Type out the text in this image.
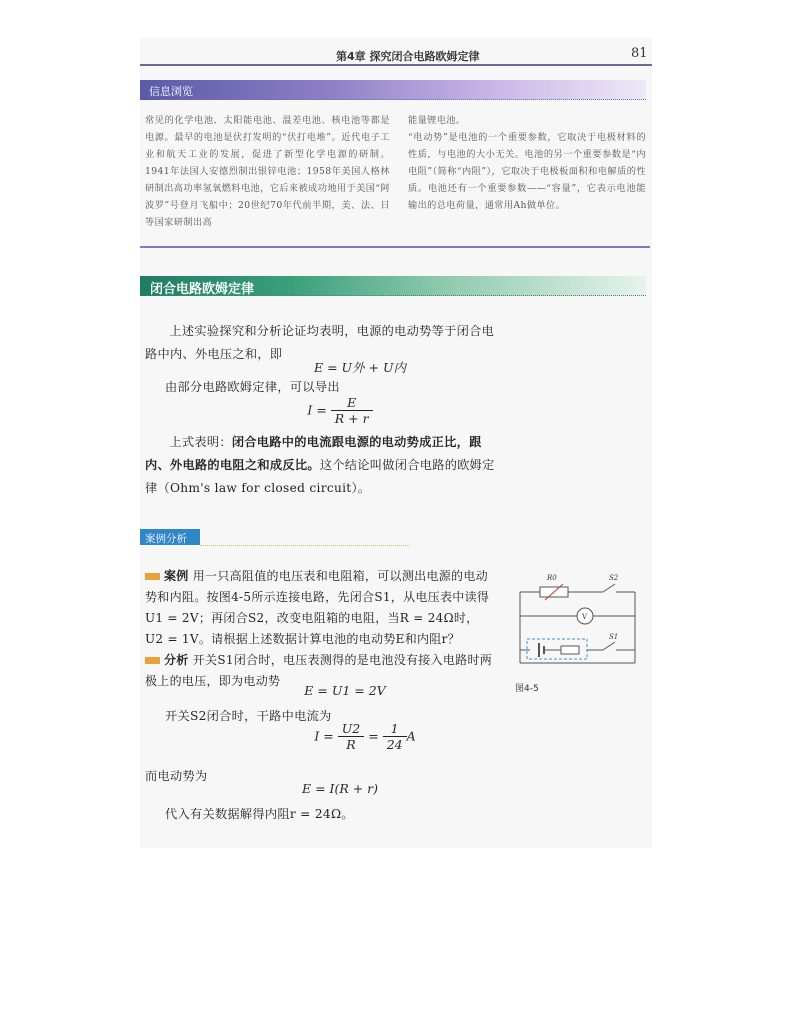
第4章 探究闭合电路欧姆定律	81
信息浏览
常见的化学电池、太阳能电池、温差电池、核电池等都是电源。最早的电池是伏打发明的“伏打电堆”。近代电子工业和航天工业的发展，促进了新型化学电源的研制。1941年法国人安德烈制出银锌电池；1958年美国人格林研制出高功率氢氧燃料电池，它后来被成功地用于美国“阿波罗”号登月飞船中；20世纪70年代前半期，美、法、日等国家研制出高
能量锂电池。
“电动势”是电池的一个重要参数，它取决于电极材料的性质，与电池的大小无关。电池的另一个重要参数是“内电阻”（简称“内阻”），它取决于电极板面积和电解质的性质。电池还有一个重要参数——“容量”，它表示电池能输出的总电荷量，通常用Ah做单位。
闭合电路欧姆定律
上述实验探究和分析论证均表明，电源的电动势等于闭合电路中内、外电压之和，即
E = U外 + U内
由部分电路欧姆定律，可以导出
$I = \frac{E}{R + r}$
上式表明：闭合电路中的电流跟电源的电动势成正比，跟内、外电路的电阻之和成反比。这个结论叫做闭合电路的欧姆定律（Ohm's law for closed circuit）。
案例分析
案例 用一只高阻值的电压表和电阻箱，可以测出电源的电动势和内阻。按图4-5所示连接电路，先闭合S1，从电压表中读得U1 = 2V；再闭合S2，改变电阻箱的电阻，当R = 24Ω时，U2 = 1V。请根据上述数据计算电池的电动势E和内阻r？
分析 开关S1闭合时，电压表测得的是电池没有接入电路时两极上的电压，即为电动势
E = U1 = 2V
开关S2闭合时，干路中电流为
$I = \frac{U2}{R} = \frac{1}{24}$ A
而电动势为
E = I(R + r)
代入有关数据解得内阻r = 24Ω。
R0	S2
V
S1
图4-5
